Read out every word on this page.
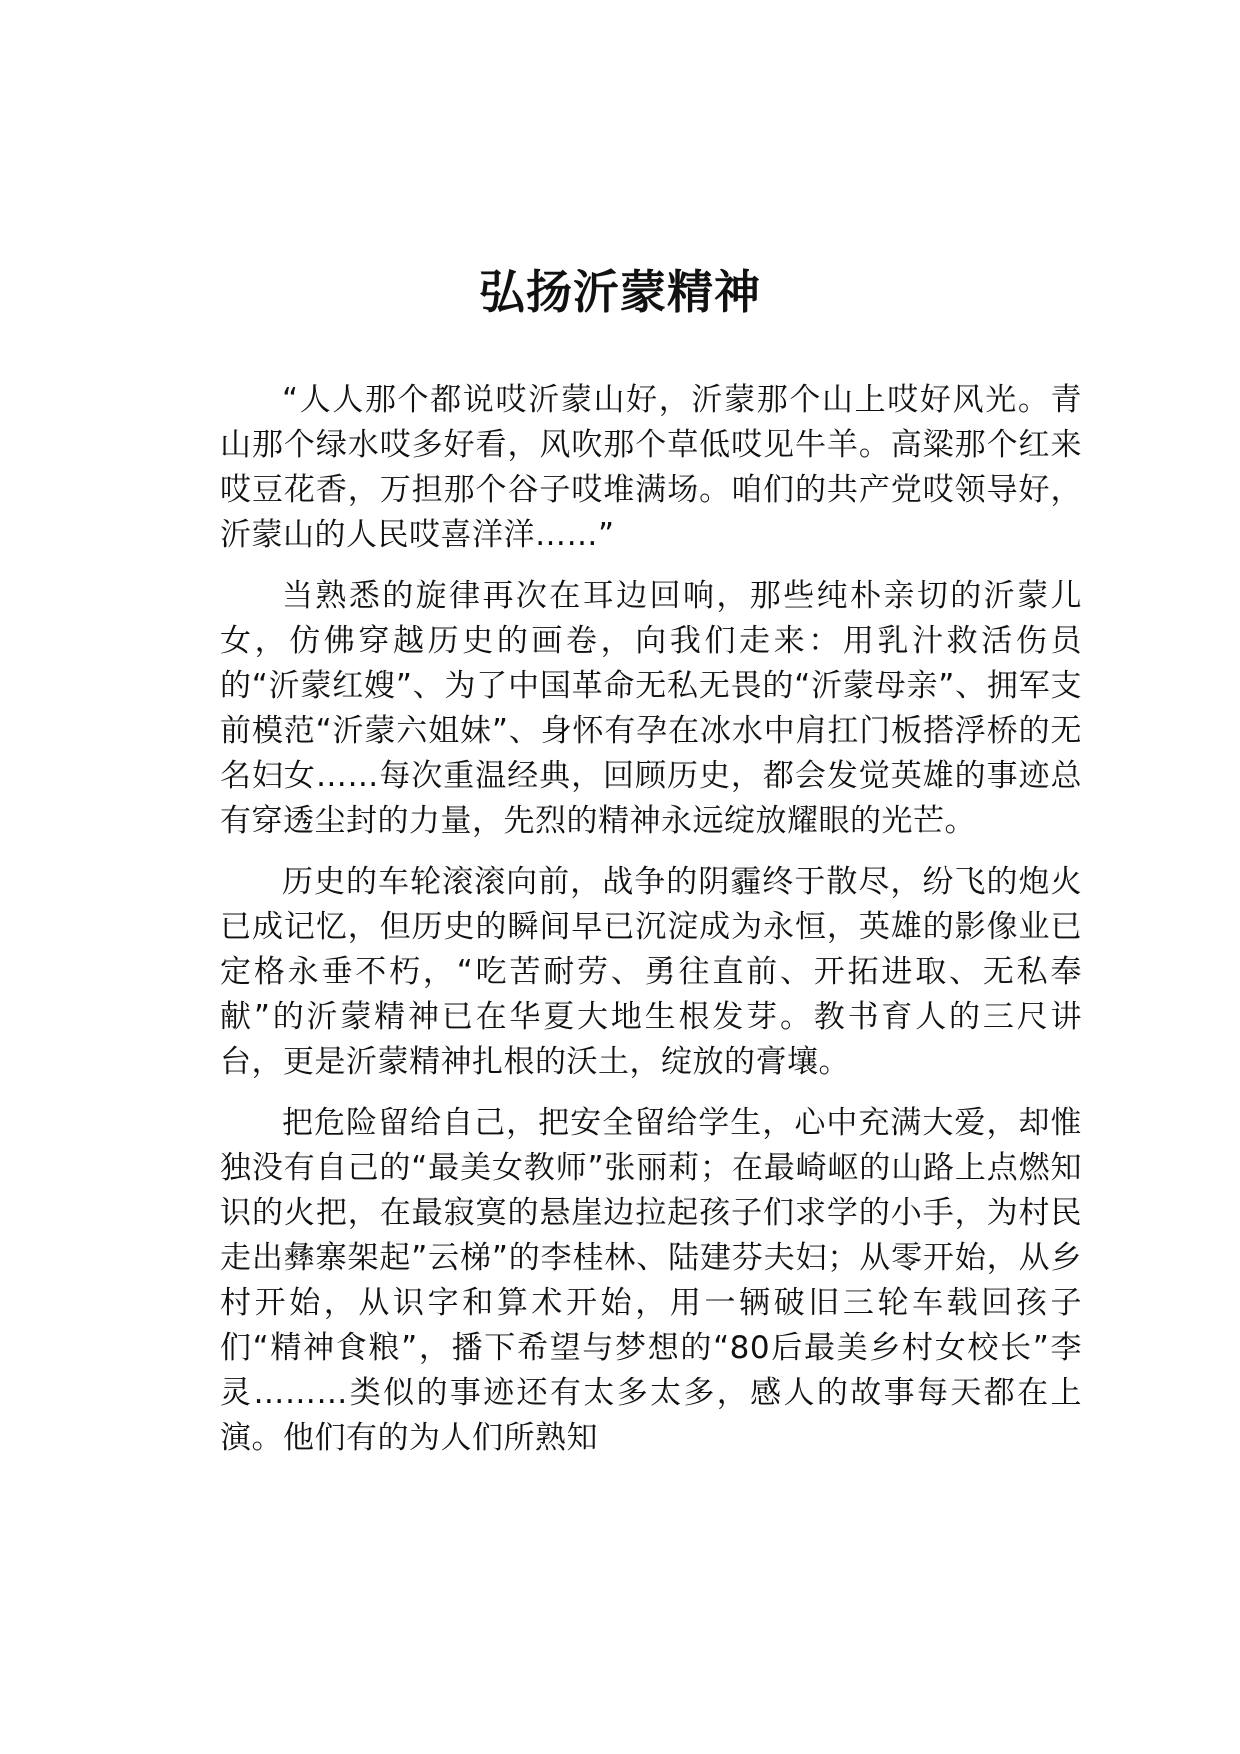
弘扬沂蒙精神

“人人那个都说哎沂蒙山好，沂蒙那个山上哎好风光。青山那个绿水哎多好看，风吹那个草低哎见牛羊。高粱那个红来哎豆花香，万担那个谷子哎堆满场。咱们的共产党哎领导好，沂蒙山的人民哎喜洋洋……”

当熟悉的旋律再次在耳边回响，那些纯朴亲切的沂蒙儿女，仿佛穿越历史的画卷，向我们走来：用乳汁救活伤员的“沂蒙红嫂”、为了中国革命无私无畏的“沂蒙母亲”、拥军支前模范“沂蒙六姐妹”、身怀有孕在冰水中肩扛门板搭浮桥的无名妇女……每次重温经典，回顾历史，都会发觉英雄的事迹总有穿透尘封的力量，先烈的精神永远绽放耀眼的光芒。

历史的车轮滚滚向前，战争的阴霾终于散尽，纷飞的炮火已成记忆，但历史的瞬间早已沉淀成为永恒，英雄的影像业已定格永垂不朽，“吃苦耐劳、勇往直前、开拓进取、无私奉献”的沂蒙精神已在华夏大地生根发芽。教书育人的三尺讲台，更是沂蒙精神扎根的沃土，绽放的膏壤。

把危险留给自己，把安全留给学生，心中充满大爱，却惟独没有自己的“最美女教师”张丽莉；在最崎岖的山路上点燃知识的火把，在最寂寞的悬崖边拉起孩子们求学的小手，为村民走出彝寨架起”云梯”的李桂林、陆建芬夫妇；从零开始，从乡村开始，从识字和算术开始，用一辆破旧三轮车载回孩子们“精神食粮”，播下希望与梦想的“80后最美乡村女校长”李灵………类似的事迹还有太多太多，感人的故事每天都在上演。他们有的为人们所熟知
